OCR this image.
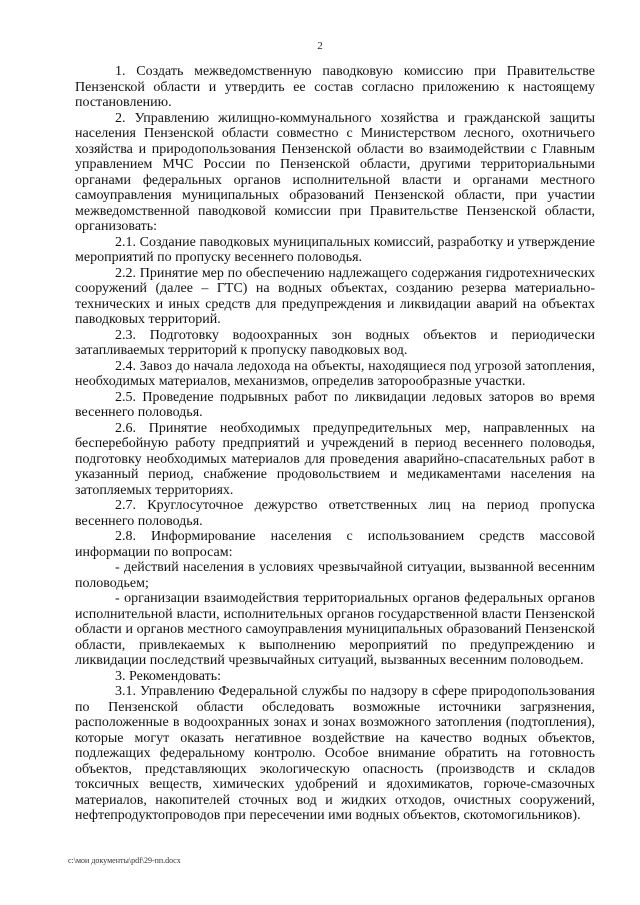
2

1. Создать межведомственную паводковую комиссию при Правительстве Пензенской области и утвердить ее состав согласно приложению к настоящему постановлению.

2. Управлению жилищно-коммунального хозяйства и гражданской защиты населения Пензенской области совместно с Министерством лесного, охотничьего хозяйства и природопользования Пензенской области во взаимодействии с Главным управлением МЧС России по Пензенской области, другими территориальными органами федеральных органов исполнительной власти и органами местного самоуправления муниципальных образований Пензенской области, при участии межведомственной паводковой комиссии при Правительстве Пензенской области, организовать:

2.1. Создание паводковых муниципальных комиссий, разработку и утверждение мероприятий по пропуску весеннего половодья.

2.2. Принятие мер по обеспечению надлежащего содержания гидротехнических сооружений (далее – ГТС) на водных объектах, созданию резерва материально-технических и иных средств для предупреждения и ликвидации аварий на объектах паводковых территорий.

2.3. Подготовку водоохранных зон водных объектов и периодически затапливаемых территорий к пропуску паводковых вод.

2.4. Завоз до начала ледохода на объекты, находящиеся под угрозой затопления, необходимых материалов, механизмов, определив заторообразные участки.

2.5. Проведение подрывных работ по ликвидации ледовых заторов во время весеннего половодья.

2.6. Принятие необходимых предупредительных мер, направленных на бесперебойную работу предприятий и учреждений в период весеннего половодья, подготовку необходимых материалов для проведения аварийно-спасательных работ в указанный период, снабжение продовольствием и медикаментами населения на затопляемых территориях.

2.7. Круглосуточное дежурство ответственных лиц на период пропуска весеннего половодья.

2.8. Информирование населения с использованием средств массовой информации по вопросам:

- действий населения в условиях чрезвычайной ситуации, вызванной весенним половодьем;

- организации взаимодействия территориальных органов федеральных органов исполнительной власти, исполнительных органов государственной власти Пензенской области и органов местного самоуправления муниципальных образований Пензенской области, привлекаемых к выполнению мероприятий по предупреждению и ликвидации последствий чрезвычайных ситуаций, вызванных весенним половодьем.

3. Рекомендовать:

3.1. Управлению Федеральной службы по надзору в сфере природопользования по Пензенской области обследовать возможные источники загрязнения, расположенные в водоохранных зонах и зонах возможного затопления (подтопления), которые могут оказать негативное воздействие на качество водных объектов, подлежащих федеральному контролю. Особое внимание обратить на готовность объектов, представляющих экологическую опасность (производств и складов токсичных веществ, химических удобрений и ядохимикатов, горюче-смазочных материалов, накопителей сточных вод и жидких отходов, очистных сооружений, нефтепродуктопроводов при пересечении ими водных объектов, скотомогильников).

c:\мои документы\pdf\29-пп.docx
